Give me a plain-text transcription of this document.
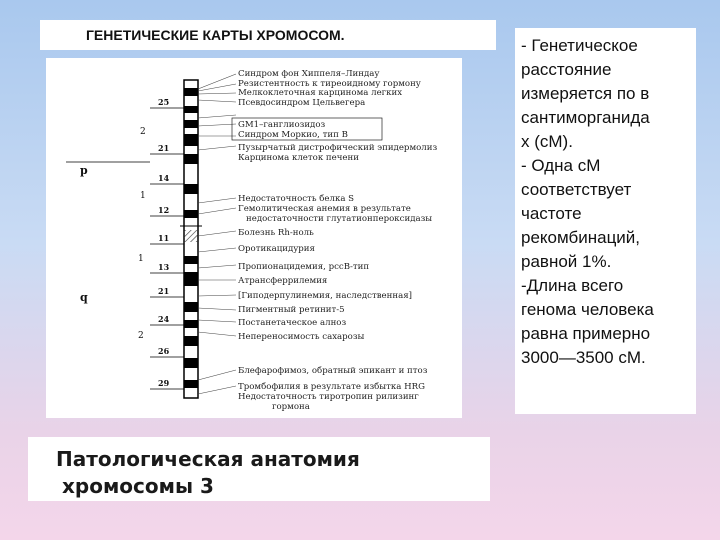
ГЕНЕТИЧЕСКИЕ КАРТЫ ХРОМОСОМ.
25
21
14
12
11
13
21
24
26
29
2
1
1
2
p
q
Синдром фон Хиппеля–Линдау
Резистентность к тиреоидному гормону
Мелкоклеточная карцинома легких
Псевдосиндром Цельвегера
GM1–ганглиозидоз
Синдром Моркио, тип В
Пузырчатый дистрофический эпидермолиз
Карцинома клеток печени
Недостаточность белка S
Гемолитическая анемия в результате
недостаточности глутатионпероксидазы
Болезнь Rh-ноль
Оротикацидурия
Пропионацидемия, рссВ-тип
Атрансферрилемия
[Гиподерпулинемия, наследственная]
Пигментный ретинит-5
Постанетаческое алноз
Непереносимость сахарозы
Блефарофимоз, обратный эпикант и птоз
Тромбофилия в результате избытка HRG
Недостаточность тиротропин рилизинг
гормона
Патологическая анатомия
хромосомы 3
- Генетическое
расстояние
измеряется по в
сантиморганида
х (сМ).
- Одна сМ
соответствует
частоте
рекомбинаций,
равной 1%.
-Длина всего
генома человека
равна примерно
3000—3500 сМ.
